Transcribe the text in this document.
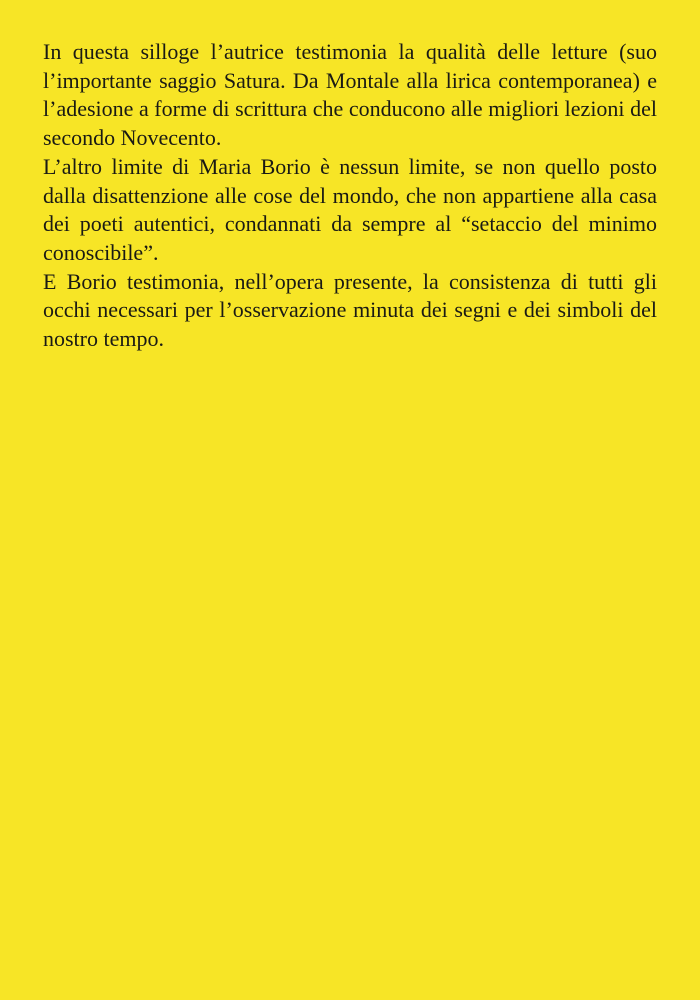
In questa silloge l’autrice testimonia la qualità delle letture (suo l’importante saggio Satura. Da Montale alla lirica contemporanea) e l’adesione a forme di scrittura che conducono alle migliori lezioni del secondo Novecento.

L’altro limite di Maria Borio è nessun limite, se non quello posto dalla disattenzione alle cose del mondo, che non appartiene alla casa dei poeti autentici, condannati da sempre al “setaccio del minimo conoscibile”.

E Borio testimonia, nell’opera presente, la consistenza di tutti gli occhi necessari per l’osservazione minuta dei segni e dei simboli del nostro tempo.
